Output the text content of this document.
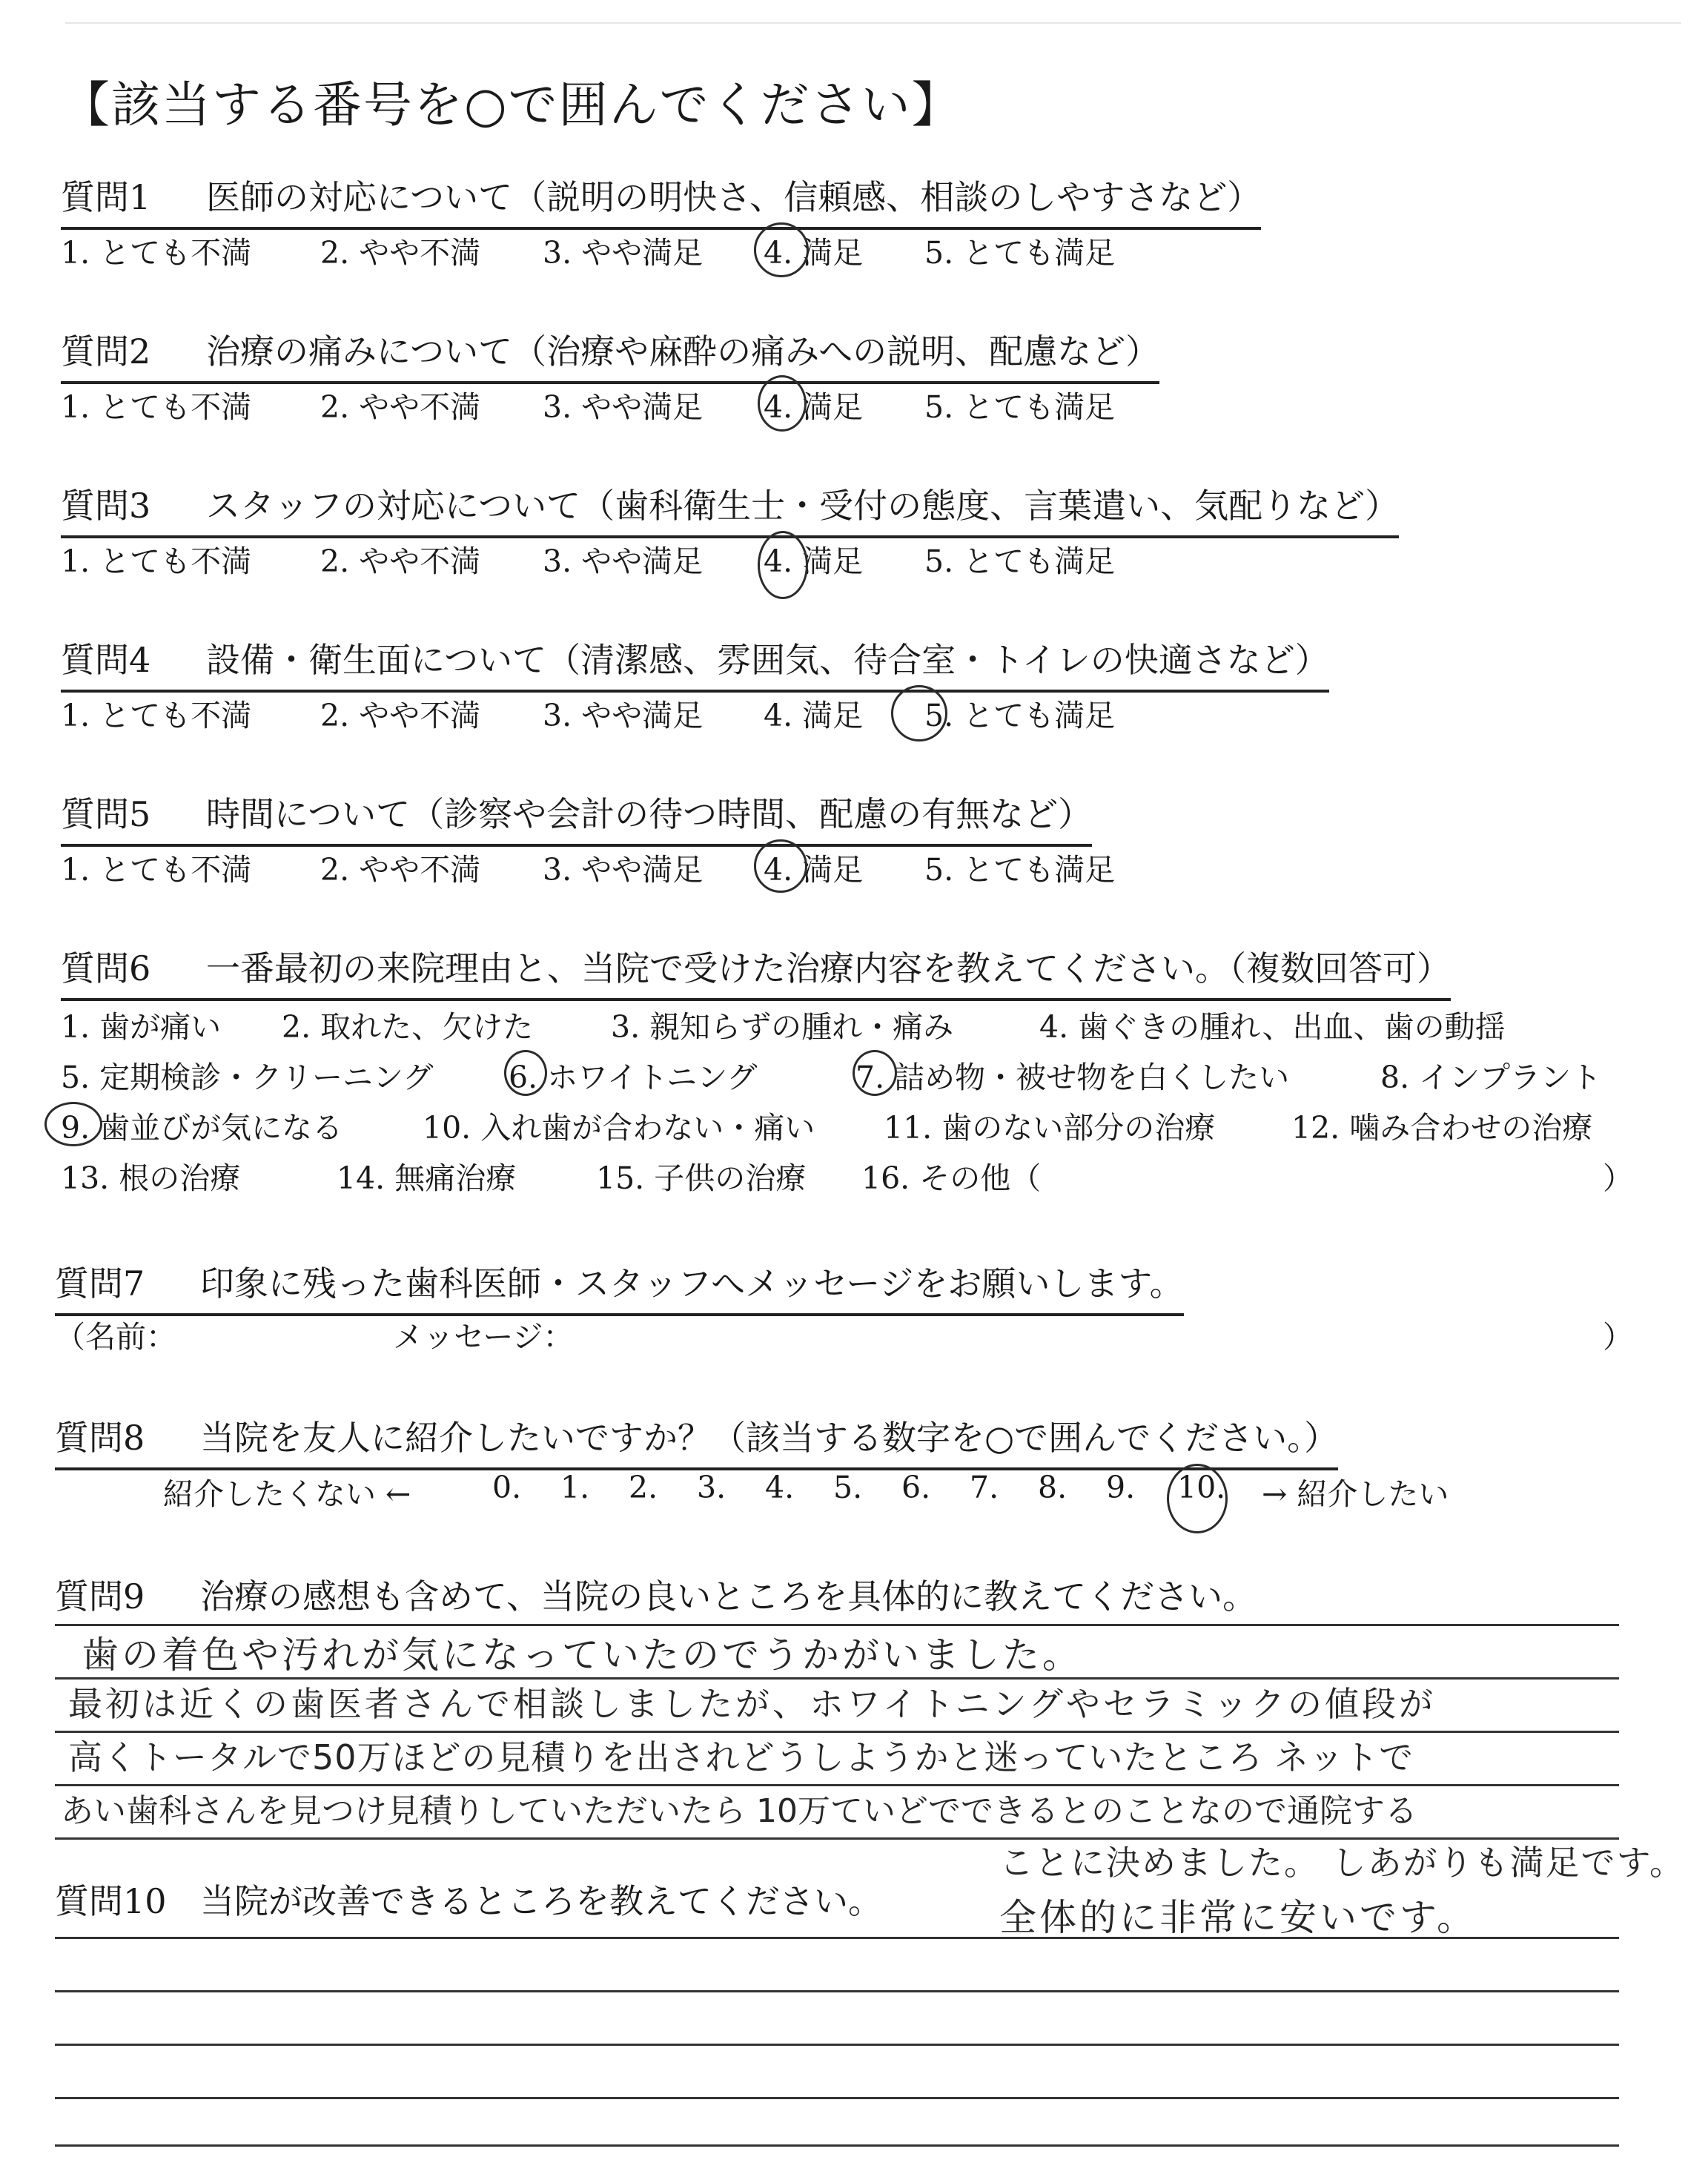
【該当する番号を○で囲んでください】
質問1 医師の対応について（説明の明快さ、信頼感、相談のしやすさなど）
1. とても不満 2. やや不満 3. やや満足 4. 満足 5. とても満足
質問2 治療の痛みについて（治療や麻酔の痛みへの説明、配慮など）
1. とても不満 2. やや不満 3. やや満足 4. 満足 5. とても満足
質問3 スタッフの対応について（歯科衛生士・受付の態度、言葉遣い、気配りなど）
1. とても不満 2. やや不満 3. やや満足 4. 満足 5. とても満足
質問4 設備・衛生面について（清潔感、雰囲気、待合室・トイレの快適さなど）
1. とても不満 2. やや不満 3. やや満足 4. 満足 5. とても満足
質問5 時間について（診察や会計の待つ時間、配慮の有無など）
1. とても不満 2. やや不満 3. やや満足 4. 満足 5. とても満足
質問6 一番最初の来院理由と、当院で受けた治療内容を教えてください。（複数回答可）
1. 歯が痛い 2. 取れた、欠けた	3. 親知らずの腫れ・痛み	4. 歯ぐきの腫れ、出血、歯の動揺
5. 定期検診・クリーニング 6. ホワイトニング	7. 詰め物・被せ物を白くしたい	8. インプラント
9. 歯並びが気になる	10. 入れ歯が合わない・痛い 11. 歯のない部分の治療	12. 噛み合わせの治療
13. 根の治療	14. 無痛治療	15. 子供の治療 16. その他（	）
質問7 印象に残った歯科医師・スタッフへメッセージをお願いします。
（名前：	メッセージ：	）
質問8 当院を友人に紹介したいですか？（該当する数字を○で囲んでください。）
紹介したくない ←	0. 1. 2. 3. 4. 5. 6. 7. 8. 9. 10. → 紹介したい
質問9 治療の感想も含めて、当院の良いところを具体的に教えてください。
歯の着色や汚れが気になっていたのでうかがいました。
最初は近くの歯医者さんで相談しましたが、ホワイトニングやセラミックの値段が
高くトータルで50万ほどの見積りを出されどうしようかと迷っていたところ ネットで
あい歯科さんを見つけ見積りしていただいたら 10万ていどでできるとのことなので通院する
ことに決めました。 しあがりも満足です。
質問10 当院が改善できるところを教えてください。	全体的に非常に安いです。
